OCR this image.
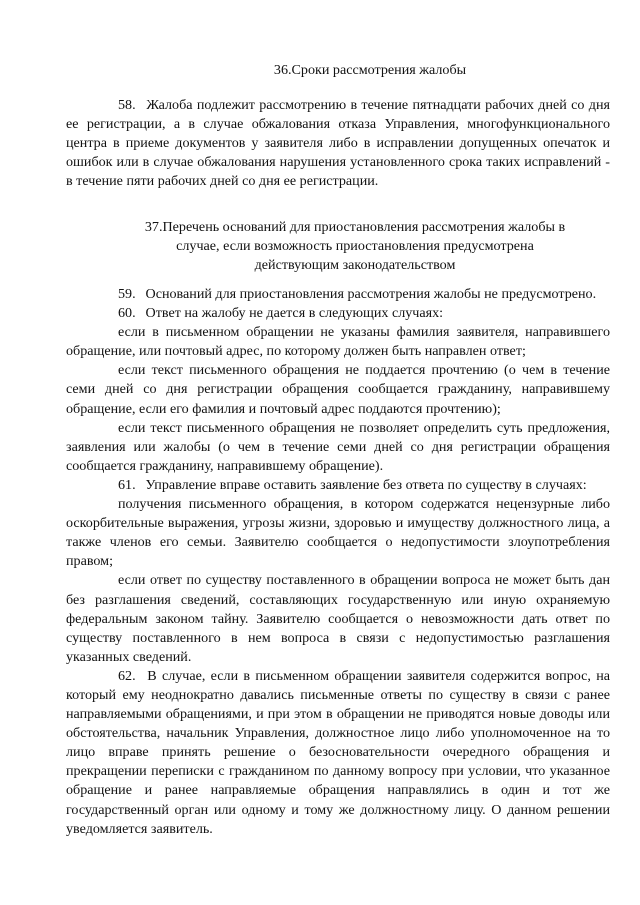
36.Сроки рассмотрения жалобы

58. Жалоба подлежит рассмотрению в течение пятнадцати рабочих дней со дня ее регистрации, а в случае обжалования отказа Управления, многофункционального центра в приеме документов у заявителя либо в исправлении допущенных опечаток и ошибок или в случае обжалования нарушения установленного срока таких исправлений - в течение пяти рабочих дней со дня ее регистрации.

37.Перечень оснований для приостановления рассмотрения жалобы в
случае, если возможность приостановления предусмотрена
действующим законодательством

59. Оснований для приостановления рассмотрения жалобы не предусмотрено.

60. Ответ на жалобу не дается в следующих случаях:

если в письменном обращении не указаны фамилия заявителя, направившего обращение, или почтовый адрес, по которому должен быть направлен ответ;

если текст письменного обращения не поддается прочтению (о чем в течение семи дней со дня регистрации обращения сообщается гражданину, направившему обращение, если его фамилия и почтовый адрес поддаются прочтению);

если текст письменного обращения не позволяет определить суть предложения, заявления или жалобы (о чем в течение семи дней со дня регистрации обращения сообщается гражданину, направившему обращение).

61. Управление вправе оставить заявление без ответа по существу в случаях:

получения письменного обращения, в котором содержатся нецензурные либо оскорбительные выражения, угрозы жизни, здоровью и имуществу должностного лица, а также членов его семьи. Заявителю сообщается о недопустимости злоупотребления правом;

если ответ по существу поставленного в обращении вопроса не может быть дан без разглашения сведений, составляющих государственную или иную охраняемую федеральным законом тайну. Заявителю сообщается о невозможности дать ответ по существу поставленного в нем вопроса в связи с недопустимостью разглашения указанных сведений.

62. В случае, если в письменном обращении заявителя содержится вопрос, на который ему неоднократно давались письменные ответы по существу в связи с ранее направляемыми обращениями, и при этом в обращении не приводятся новые доводы или обстоятельства, начальник Управления, должностное лицо либо уполномоченное на то лицо вправе принять решение о безосновательности очередного обращения и прекращении переписки с гражданином по данному вопросу при условии, что указанное обращение и ранее направляемые обращения направлялись в один и тот же государственный орган или одному и тому же должностному лицу. О данном решении уведомляется заявитель.
